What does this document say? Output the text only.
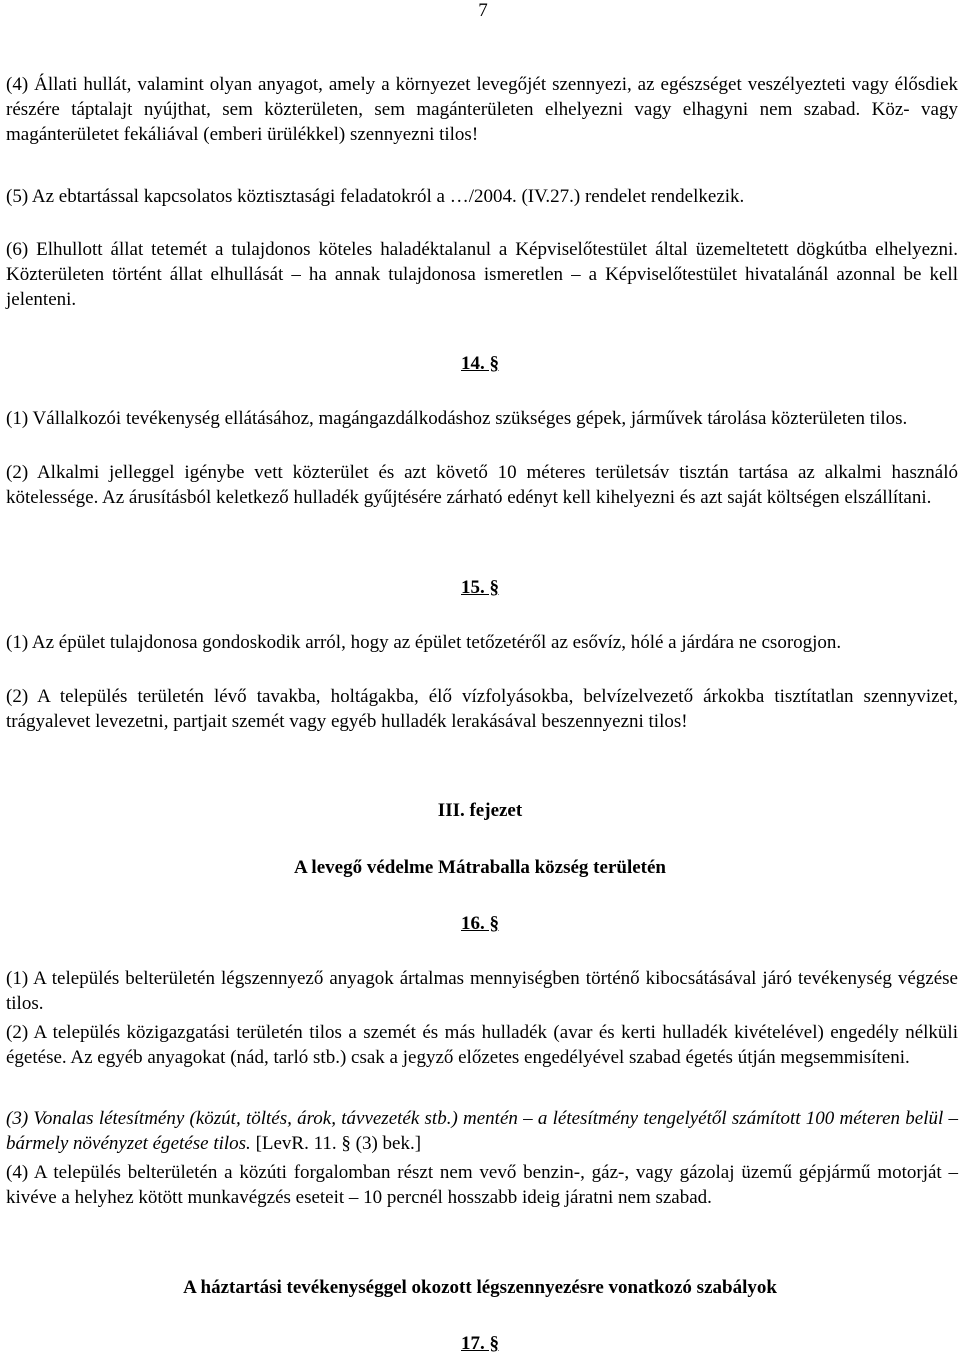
7

(4) Állati hullát, valamint olyan anyagot, amely a környezet levegőjét szennyezi, az egészséget veszélyezteti vagy élősdiek részére táptalajt nyújthat, sem közterületen, sem magánterületen elhelyezni vagy elhagyni nem szabad. Köz- vagy magánterületet fekáliával (emberi ürülékkel) szennyezni tilos!

(5) Az ebtartással kapcsolatos köztisztasági feladatokról a …/2004. (IV.27.) rendelet rendelkezik.

(6) Elhullott állat tetemét a tulajdonos köteles haladéktalanul a Képviselőtestület által üzemeltetett dögkútba elhelyezni. Közterületen történt állat elhullását – ha annak tulajdonosa ismeretlen – a Képviselőtestület hivatalánál azonnal be kell jelenteni.

14. §

(1) Vállalkozói tevékenység ellátásához, magángazdálkodáshoz szükséges gépek, járművek tárolása közterületen tilos.

(2) Alkalmi jelleggel igénybe vett közterület és azt követő 10 méteres területsáv tisztán tartása az alkalmi használó kötelessége. Az árusításból keletkező hulladék gyűjtésére zárható edényt kell kihelyezni és azt saját költségen elszállítani.

15. §

(1) Az épület tulajdonosa gondoskodik arról, hogy az épület tetőzetéről az esővíz, hólé a járdára ne csorogjon.

(2) A település területén lévő tavakba, holtágakba, élő vízfolyásokba, belvízelvezető árkokba tisztítatlan szennyvizet, trágyalevet levezetni, partjait szemét vagy egyéb hulladék lerakásával beszennyezni tilos!

III. fejezet

A levegő védelme Mátraballa község területén

16. §

(1) A település belterületén légszennyező anyagok ártalmas mennyiségben történő kibocsátásával járó tevékenység végzése tilos.

(2) A település közigazgatási területén tilos a szemét és más hulladék (avar és kerti hulladék kivételével) engedély nélküli égetése. Az egyéb anyagokat (nád, tarló stb.) csak a jegyző előzetes engedélyével szabad égetés útján megsemmisíteni.

(3) Vonalas létesítmény (közút, töltés, árok, távvezeték stb.) mentén – a létesítmény tengelyétől számított 100 méteren belül – bármely növényzet égetése tilos. [LevR. 11. § (3) bek.]

(4) A település belterületén a közúti forgalomban részt nem vevő benzin-, gáz-, vagy gázolaj üzemű gépjármű motorját – kivéve a helyhez kötött munkavégzés eseteit – 10 percnél hosszabb ideig járatni nem szabad.

A háztartási tevékenységgel okozott légszennyezésre vonatkozó szabályok

17. §
